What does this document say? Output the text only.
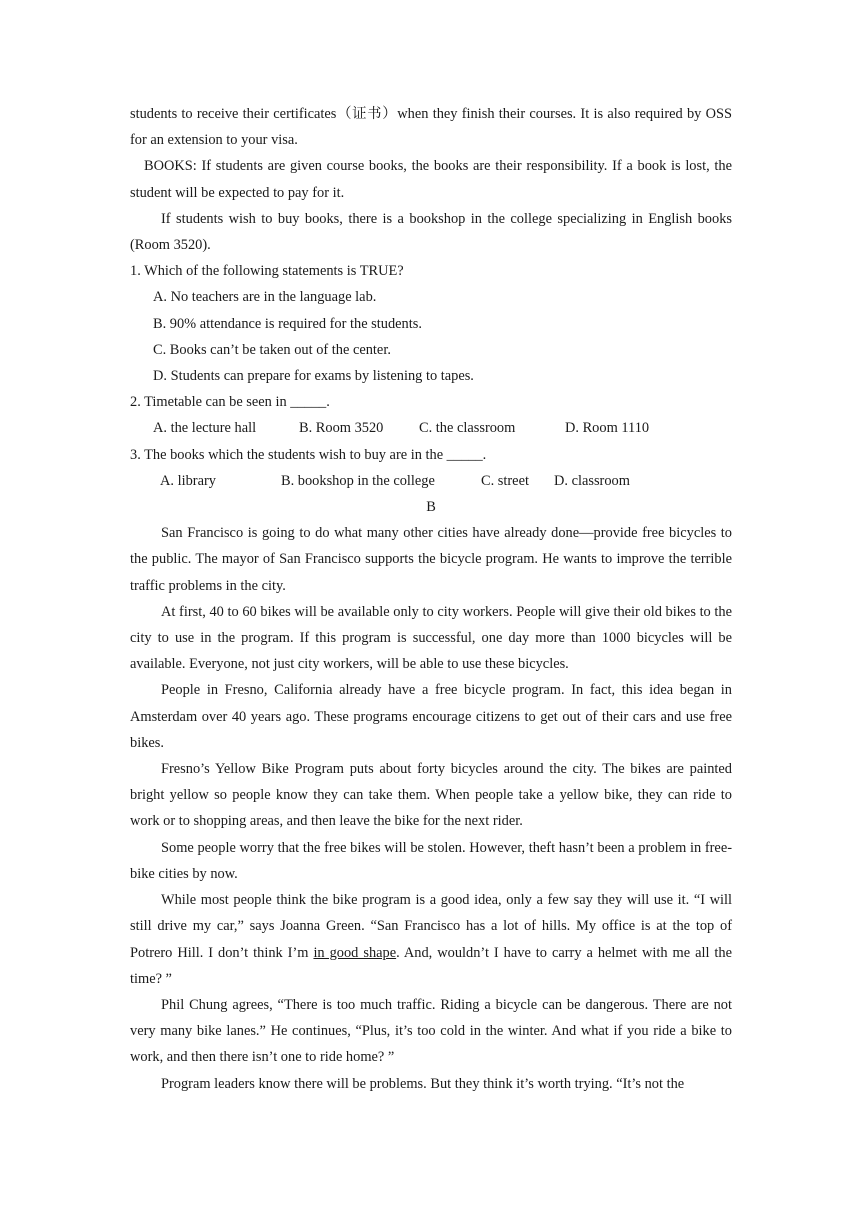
students to receive their certificates（证书）when they finish their courses. It is also required by OSS for an extension to your visa.

BOOKS: If students are given course books, the books are their responsibility. If a book is lost, the student will be expected to pay for it.

If students wish to buy books, there is a bookshop in the college specializing in English books (Room 3520).

1. Which of the following statements is TRUE?

A. No teachers are in the language lab.

B. 90% attendance is required for the students.

C. Books can’t be taken out of the center.

D. Students can prepare for exams by listening to tapes.

2. Timetable can be seen in _____.

A. the lecture hall	B. Room 3520	C. the classroom	D. Room 1110

3. The books which the students wish to buy are in the _____.

A. library	B. bookshop in the college	C. street	D. classroom

B

San Francisco is going to do what many other cities have already done—provide free bicycles to the public. The mayor of San Francisco supports the bicycle program. He wants to improve the terrible traffic problems in the city.

At first, 40 to 60 bikes will be available only to city workers. People will give their old bikes to the city to use in the program. If this program is successful, one day more than 1000 bicycles will be available. Everyone, not just city workers, will be able to use these bicycles.

People in Fresno, California already have a free bicycle program. In fact, this idea began in Amsterdam over 40 years ago. These programs encourage citizens to get out of their cars and use free bikes.

Fresno’s Yellow Bike Program puts about forty bicycles around the city. The bikes are painted bright yellow so people know they can take them. When people take a yellow bike, they can ride to work or to shopping areas, and then leave the bike for the next rider.

Some people worry that the free bikes will be stolen. However, theft hasn’t been a problem in free-bike cities by now.

While most people think the bike program is a good idea, only a few say they will use it. “I will still drive my car,” says Joanna Green. “San Francisco has a lot of hills. My office is at the top of Potrero Hill. I don’t think I’m in good shape. And, wouldn’t I have to carry a helmet with me all the time? ”

Phil Chung agrees, “There is too much traffic. Riding a bicycle can be dangerous. There are not very many bike lanes.” He continues, “Plus, it’s too cold in the winter. And what if you ride a bike to work, and then there isn’t one to ride home? ”

Program leaders know there will be problems. But they think it’s worth trying. “It’s not the
